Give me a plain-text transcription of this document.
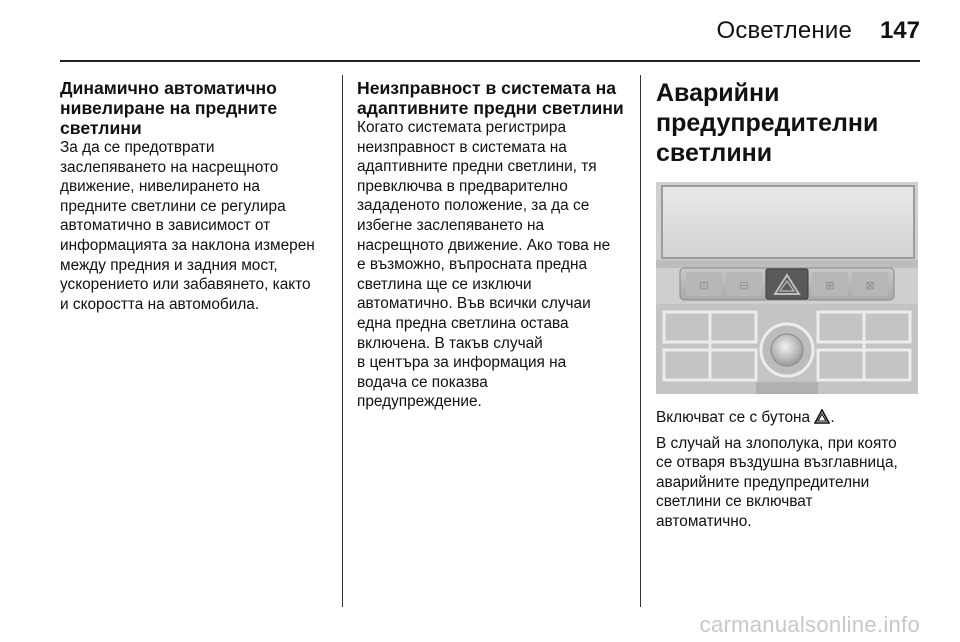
Осветление 147
Динамично автоматично
нивелиране на предните
светлини

За да се предотврати
заслепяването на насрещното
движение, нивелирането на
предните светлини се регулира
автоматично в зависимост от
информацията за наклона измерен
между предния и задния мост,
ускорението или забавянето, както
и скоростта на автомобила.

Неизправност в системата на
адаптивните предни светлини

Когато системата регистрира
неизправност в системата на
адаптивните предни светлини, тя
превключва в предварително
зададеното положение, за да се
избегне заслепяването на
насрещното движение. Ако това не
е възможно, въпросната предна
светлина ще се изключи
автоматично. Във всички случаи
една предна светлина остава
включена. В такъв случай
в центъра за информация на
водача се показва
предупреждение.

Аварийни
предупредителни
светлини
⊡	⊟	⊞	⊠

Включват се с бутона .

В случай на злополука, при която
се отваря въздушна възглавница,
аварийните предупредителни
светлини се включват
автоматично.

carmanualsonline.info
